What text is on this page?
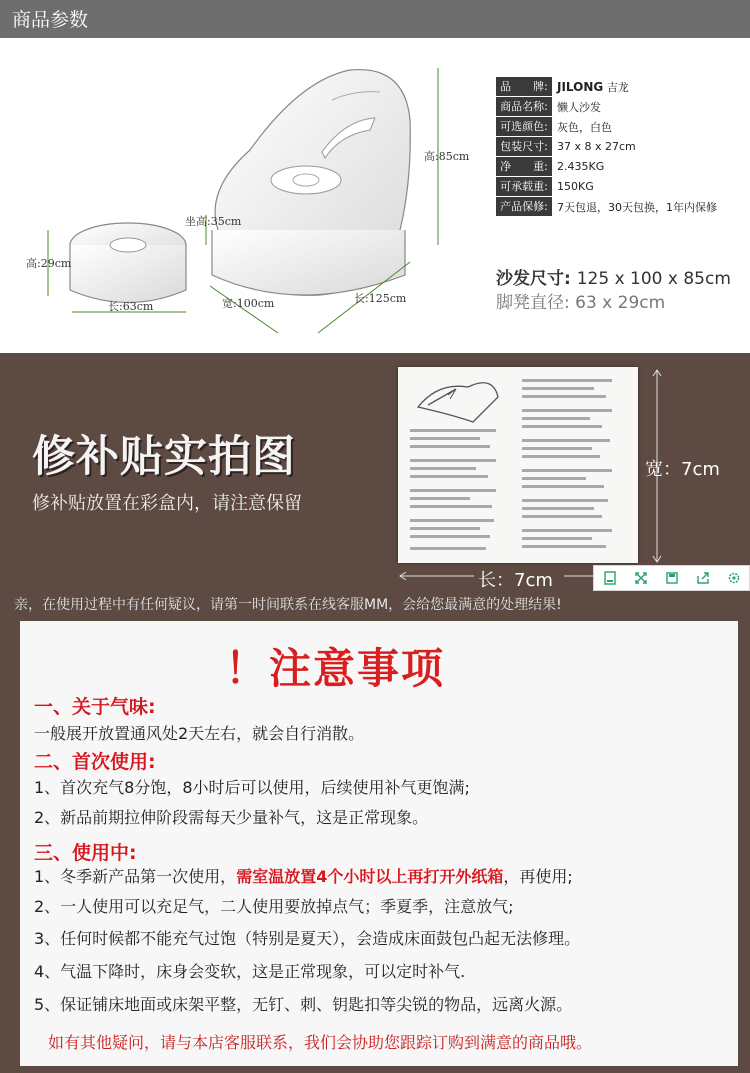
商品参数
高:29cm
长:63cm
坐高:35cm
高:85cm
宽:100cm	长:125cm
品　　牌: JILONG 吉龙
商品名称: 懒人沙发
可选颜色: 灰色，白色
包装尺寸: 37 x 8 x 27cm
净　　重: 2.435KG
可承载重: 150KG
产品保修: 7天包退，30天包换，1年内保修
沙发尺寸: 125 x 100 x 85cm
脚凳直径: 63 x 29cm
修补贴实拍图
修补贴放置在彩盒内，请注意保留
宽：7cm
长：7cm
亲，在使用过程中有任何疑议，请第一时间联系在线客服MM，会给您最满意的处理结果!
！注意事项
一、关于气味:
一般展开放置通风处2天左右，就会自行消散。
二、首次使用:
1、首次充气8分饱，8小时后可以使用，后续使用补气更饱满;
2、新品前期拉伸阶段需每天少量补气，这是正常现象。
三、使用中:
1、冬季新产品第一次使用，需室温放置4个小时以上再打开外纸箱，再使用;
2、一人使用可以充足气，二人使用要放掉点气；季夏季，注意放气;
3、任何时候都不能充气过饱（特别是夏天），会造成床面鼓包凸起无法修理。
4、气温下降时，床身会变软，这是正常现象，可以定时补气.
5、保证铺床地面或床架平整，无钉、刺、钥匙扣等尖锐的物品，远离火源。
如有其他疑问，请与本店客服联系，我们会协助您跟踪订购到满意的商品哦。
